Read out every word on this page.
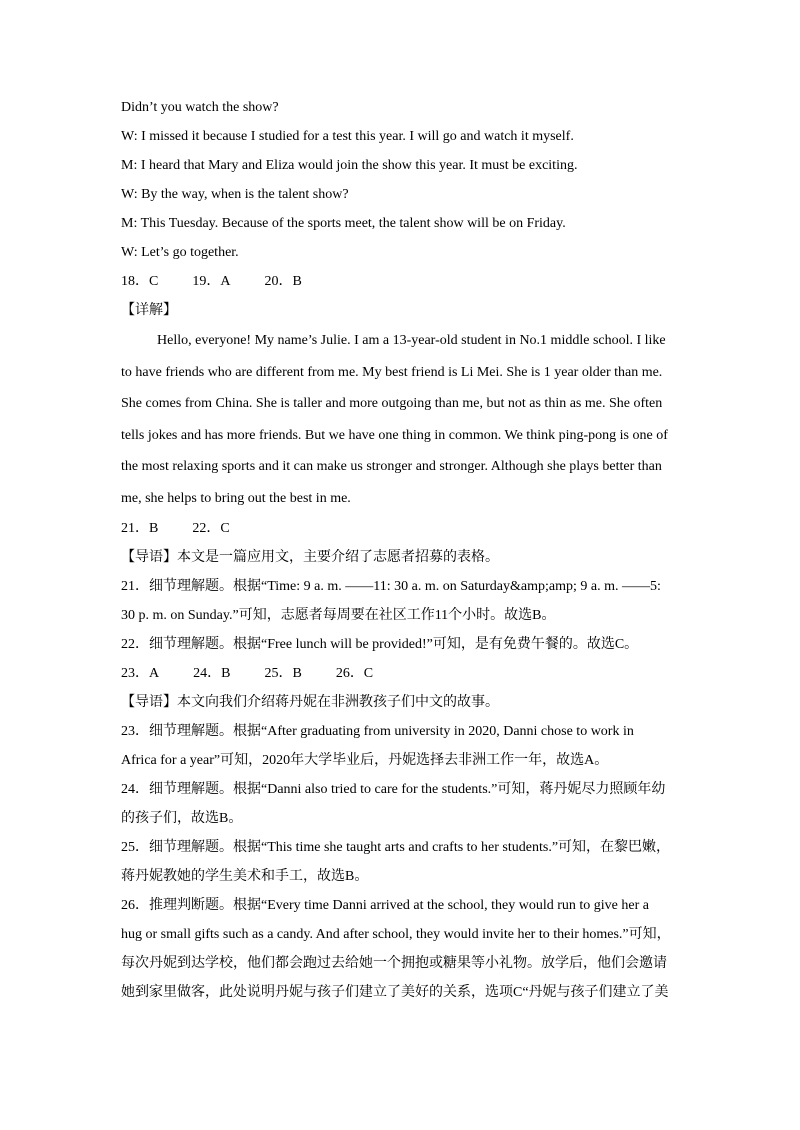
Didn’t you watch the show?
W: I missed it because I studied for a test this year. I will go and watch it myself.
M: I heard that Mary and Eliza would join the show this year. It must be exciting.
W: By the way, when is the talent show?
M: This Tuesday. Because of the sports meet, the talent show will be on Friday.
W: Let’s go together.
18．C 19．A 20．B
【详解】
Hello, everyone! My name’s Julie. I am a 13-year-old student in No.1 middle school. I like
to have friends who are different from me. My best friend is Li Mei. She is 1 year older than me.
She comes from China. She is taller and more outgoing than me, but not as thin as me. She often
tells jokes and has more friends. But we have one thing in common. We think ping-pong is one of
the most relaxing sports and it can make us stronger and stronger. Although she plays better than
me, she helps to bring out the best in me.
21．B 22．C
【导语】本文是一篇应用文，主要介绍了志愿者招募的表格。
21．细节理解题。根据“Time: 9 a. m. ——11: 30 a. m. on Saturday&amp;amp; 9 a. m. ——5:
30 p. m. on Sunday.”可知，志愿者每周要在社区工作11个小时。故选B。
22．细节理解题。根据“Free lunch will be provided!”可知，是有免费午餐的。故选C。
23．A 24．B 25．B 26．C
【导语】本文向我们介绍蒋丹妮在非洲教孩子们中文的故事。
23．细节理解题。根据“After graduating from university in 2020, Danni chose to work in
Africa for a year”可知，2020年大学毕业后，丹妮选择去非洲工作一年，故选A。
24．细节理解题。根据“Danni also tried to care for the students.”可知，蒋丹妮尽力照顾年幼
的孩子们，故选B。
25．细节理解题。根据“This time she taught arts and crafts to her students.”可知，在黎巴嫩，
蒋丹妮教她的学生美术和手工，故选B。
26．推理判断题。根据“Every time Danni arrived at the school, they would run to give her a
hug or small gifts such as a candy. And after school, they would invite her to their homes.”可知，
每次丹妮到达学校，他们都会跑过去给她一个拥抱或糖果等小礼物。放学后，他们会邀请
她到家里做客，此处说明丹妮与孩子们建立了美好的关系，选项C“丹妮与孩子们建立了美
